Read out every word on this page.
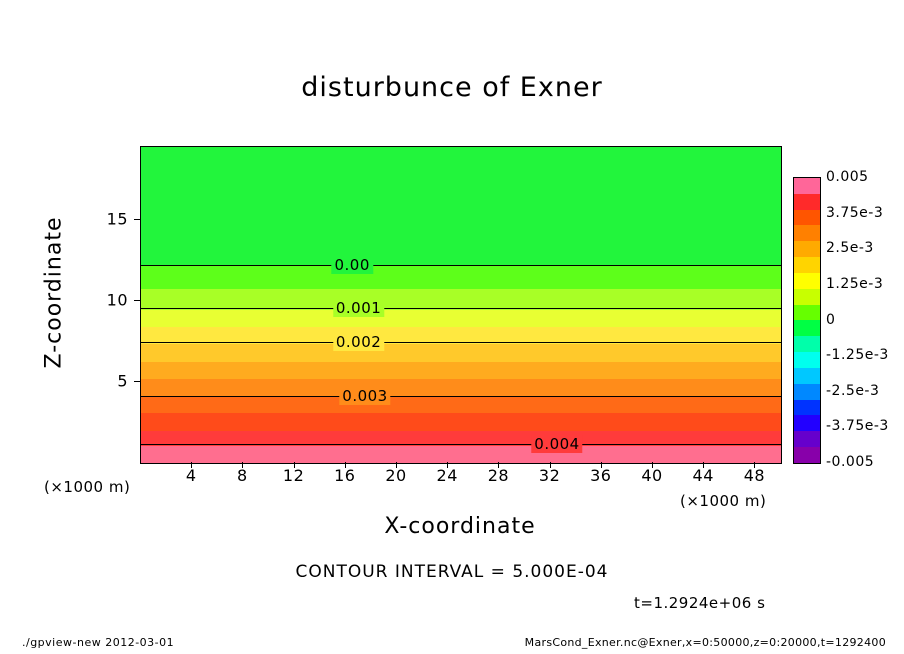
disturbunce of Exner
0.00
0.001
0.002
0.003
0.004
Z-coordinate
X-coordinate
(×1000 m)
(×1000 m)
CONTOUR INTERVAL = 5.000E-04
t=1.2924e+06 s
./gpview-new 2012-03-01	MarsCond_Exner.nc@Exner,x=0:50000,z=0:20000,t=1292400
4	8 12 16 20 24 28 32 36 40 44 48
5
10
15
0.005
3.75e-3
2.5e-3
1.25e-3
0
-1.25e-3
-2.5e-3
-3.75e-3
-0.005
